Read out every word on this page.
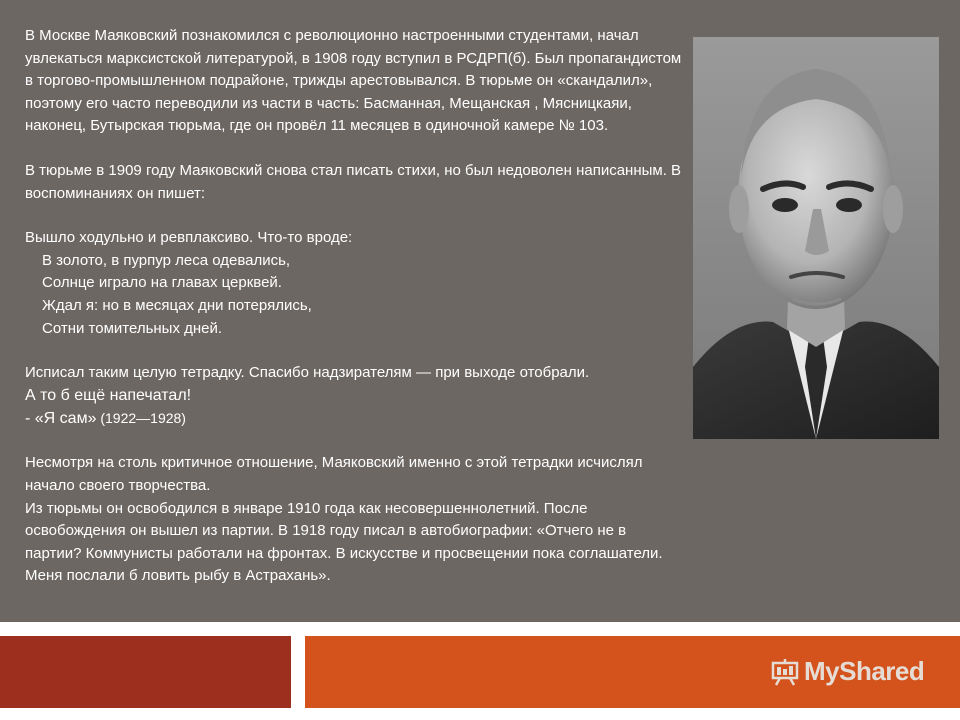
В Москве Маяковский познакомился с революционно настроенными студентами, начал увлекаться марксистской литературой, в 1908 году вступил в РСДРП(б). Был пропагандистом в торгово-промышленном подрайоне, трижды арестовывался. В тюрьме он «скандалил», поэтому его часто переводили из части в часть: Басманная, Мещанская , Мясницкаяи, наконец, Бутырская тюрьма, где он провёл 11 месяцев в одиночной камере № 103.

В тюрьме в 1909 году Маяковский снова стал писать стихи, но был недоволен написанным. В воспоминаниях он пишет:

Вышло ходульно и ревплаксиво. Что-то вроде:

В золото, в пурпур леса одевались,
Солнце играло на главах церквей.
Ждал я: но в месяцах дни потерялись,
Сотни томительных дней.

Исписал таким целую тетрадку. Спасибо надзирателям — при выходе отобрали.

А то б ещё напечатал!
- «Я сам» (1922—1928)

Несмотря на столь критичное отношение, Маяковский именно с этой тетрадки исчислял начало своего творчества.

Из тюрьмы он освободился в январе 1910 года как несовершеннолетний. После освобождения он вышел из партии. В 1918 году писал в автобиографии: «Отчего не в партии? Коммунисты работали на фронтах. В искусстве и просвещении пока соглашатели. Меня послали б ловить рыбу в Астрахань».

MyShared
